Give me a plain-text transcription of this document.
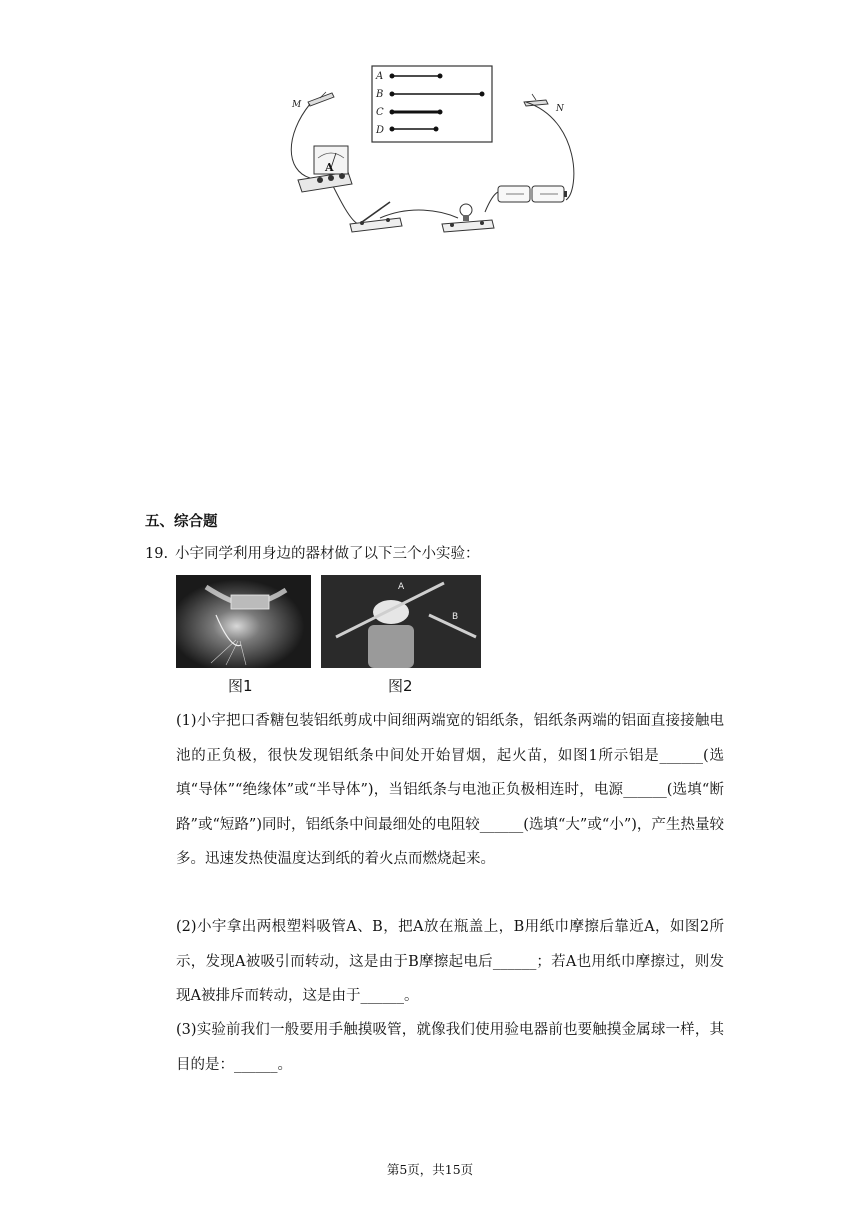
A
B
C
D
M	N
A
五、综合题
19. 小宇同学利用身边的器材做了以下三个小实验：
A
B
图1	图2
(1)小宇把口香糖包装铝纸剪成中间细两端宽的铝纸条，铝纸条两端的铝面直接接触电池的正负极，很快发现铝纸条中间处开始冒烟，起火苗，如图1所示铝是______(选填“导体”“绝缘体”或“半导体”)，当铝纸条与电池正负极相连时，电源______(选填“断路”或“短路”)同时，铝纸条中间最细处的电阻较______(选填“大”或“小”)，产生热量较多。迅速发热使温度达到纸的着火点而燃烧起来。
(2)小宇拿出两根塑料吸管A、B，把A放在瓶盖上，B用纸巾摩擦后靠近A，如图2所示，发现A被吸引而转动，这是由于B摩擦起电后______；若A也用纸巾摩擦过，则发现A被排斥而转动，这是由于______。
(3)实验前我们一般要用手触摸吸管，就像我们使用验电器前也要触摸金属球一样，其目的是：______。
第5页，共15页
